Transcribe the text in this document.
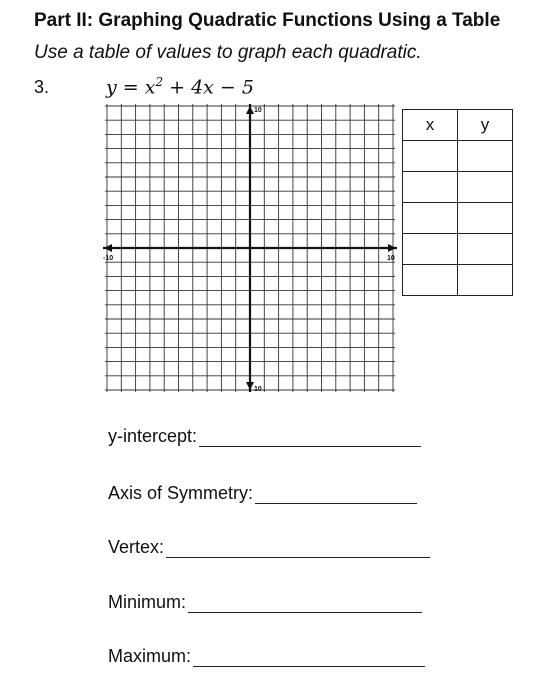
Part II: Graphing Quadratic Functions Using a Table
Use a table of values to graph each quadratic.
3.	$y = x^2 + 4x - 5$
10
10
-10	10
x	y

y-intercept:
Axis of Symmetry:
Vertex:
Minimum:
Maximum:
